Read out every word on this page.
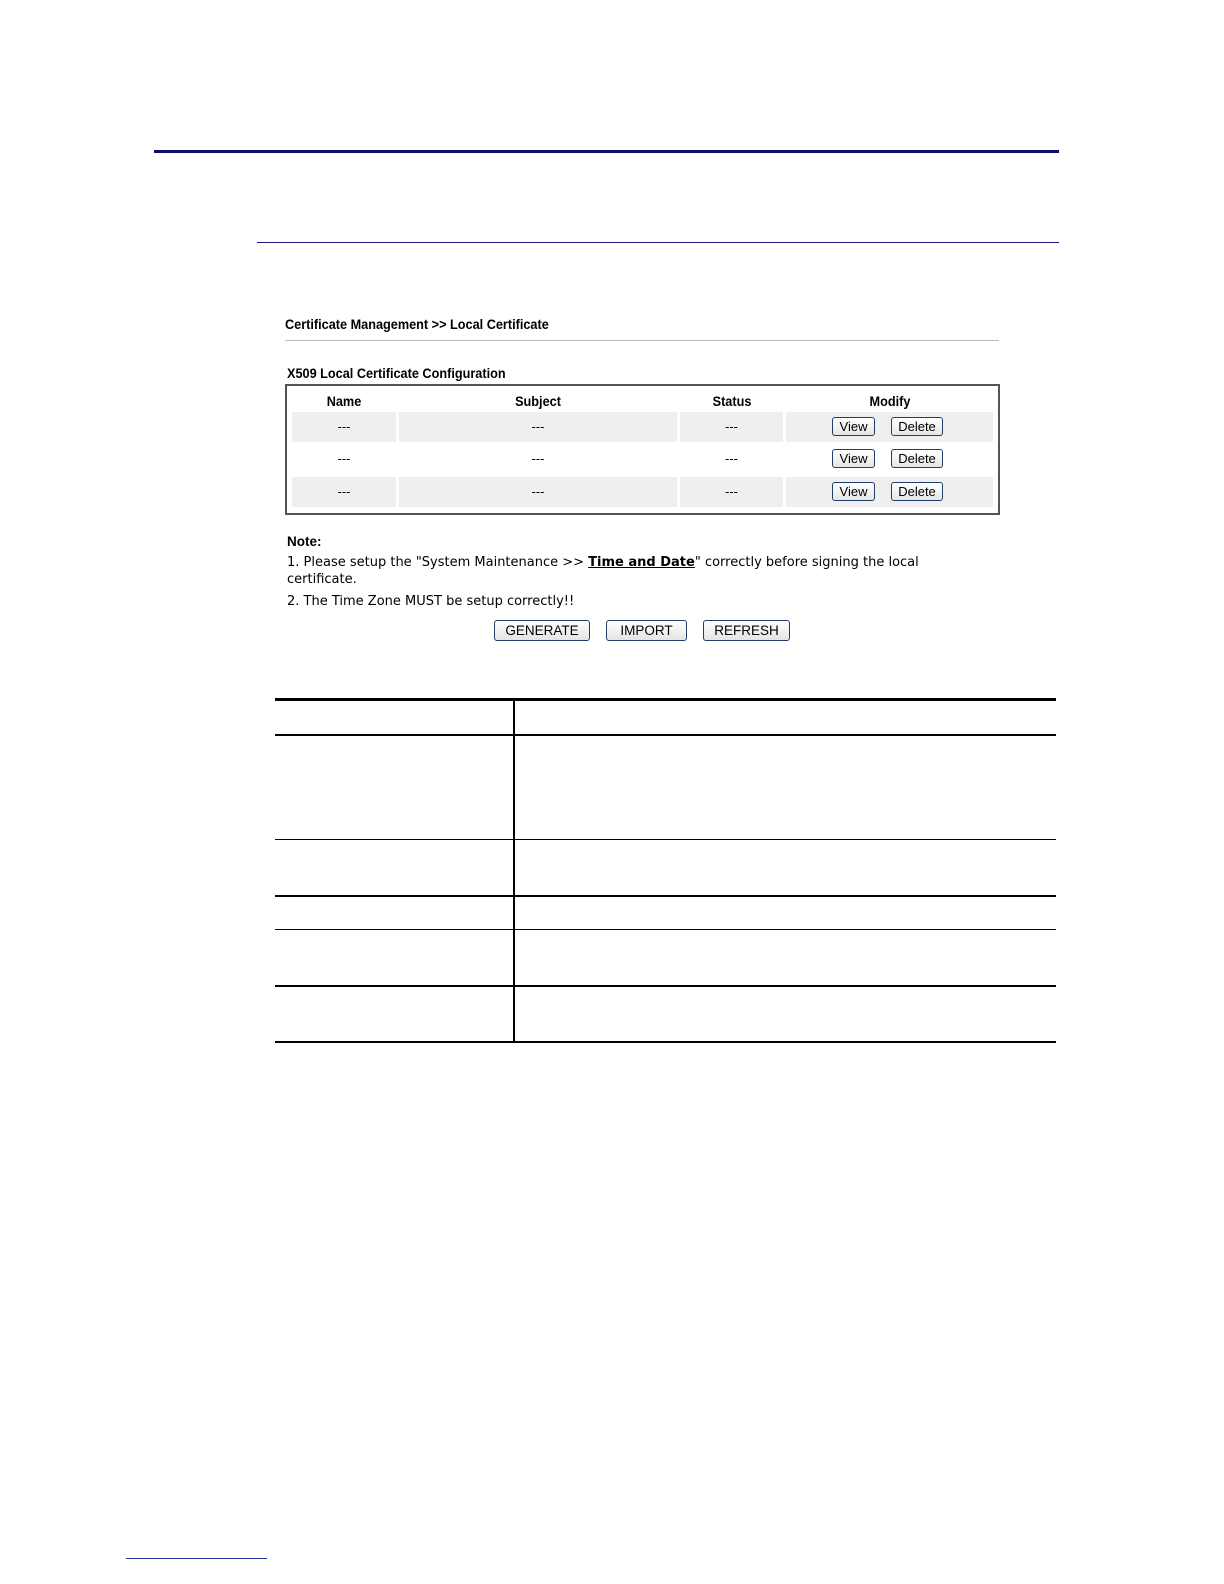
Certificate Management >> Local Certificate
X509 Local Certificate Configuration
Name	Subject	Status	Modify
---	---	---	View	Delete
---	---	---	View	Delete
---	---	---	View	Delete
Note:
1. Please setup the "System Maintenance >> Time and Date" correctly before signing the local
certificate.
2. The Time Zone MUST be setup correctly!!
GENERATE	IMPORT	REFRESH
